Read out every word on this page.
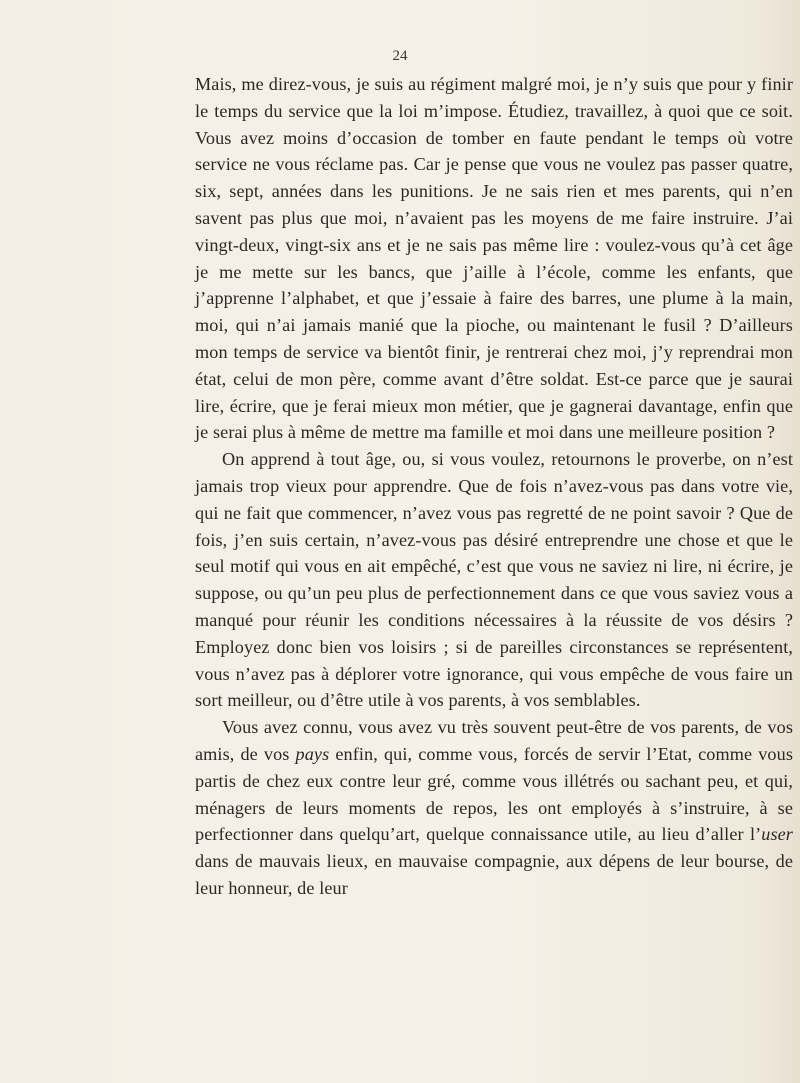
24

Mais, me direz-vous, je suis au régiment malgré moi, je n’y suis que pour y finir le temps du service que la loi m’impose. Étudiez, travaillez, à quoi que ce soit. Vous avez moins d’occasion de tomber en faute pendant le temps où votre service ne vous réclame pas. Car je pense que vous ne voulez pas passer quatre, six, sept, années dans les punitions. Je ne sais rien et mes parents, qui n’en savent pas plus que moi, n’avaient pas les moyens de me faire instruire. J’ai vingt-deux, vingt-six ans et je ne sais pas même lire : voulez-vous qu’à cet âge je me mette sur les bancs, que j’aille à l’école, comme les enfants, que j’apprenne l’alphabet, et que j’essaie à faire des barres, une plume à la main, moi, qui n’ai jamais manié que la pioche, ou maintenant le fusil ? D’ailleurs mon temps de service va bientôt finir, je rentrerai chez moi, j’y reprendrai mon état, celui de mon père, comme avant d’être soldat. Est-ce parce que je saurai lire, écrire, que je ferai mieux mon métier, que je gagnerai davantage, enfin que je serai plus à même de mettre ma famille et moi dans une meilleure position ?

On apprend à tout âge, ou, si vous voulez, retournons le proverbe, on n’est jamais trop vieux pour apprendre. Que de fois n’avez-vous pas dans votre vie, qui ne fait que commencer, n’avez vous pas regretté de ne point savoir ? Que de fois, j’en suis certain, n’avez-vous pas désiré entreprendre une chose et que le seul motif qui vous en ait empêché, c’est que vous ne saviez ni lire, ni écrire, je suppose, ou qu’un peu plus de perfectionnement dans ce que vous saviez vous a manqué pour réunir les conditions nécessaires à la réussite de vos désirs ? Employez donc bien vos loisirs ; si de pareilles circonstances se représentent, vous n’avez pas à déplorer votre ignorance, qui vous empêche de vous faire un sort meilleur, ou d’être utile à vos parents, à vos semblables.

Vous avez connu, vous avez vu très souvent peut-être de vos parents, de vos amis, de vos pays enfin, qui, comme vous, forcés de servir l’Etat, comme vous partis de chez eux contre leur gré, comme vous illétrés ou sachant peu, et qui, ménagers de leurs moments de repos, les ont employés à s’instruire, à se perfectionner dans quelqu’art, quelque connaissance utile, au lieu d’aller l’user dans de mauvais lieux, en mauvaise compagnie, aux dépens de leur bourse, de leur honneur, de leur
